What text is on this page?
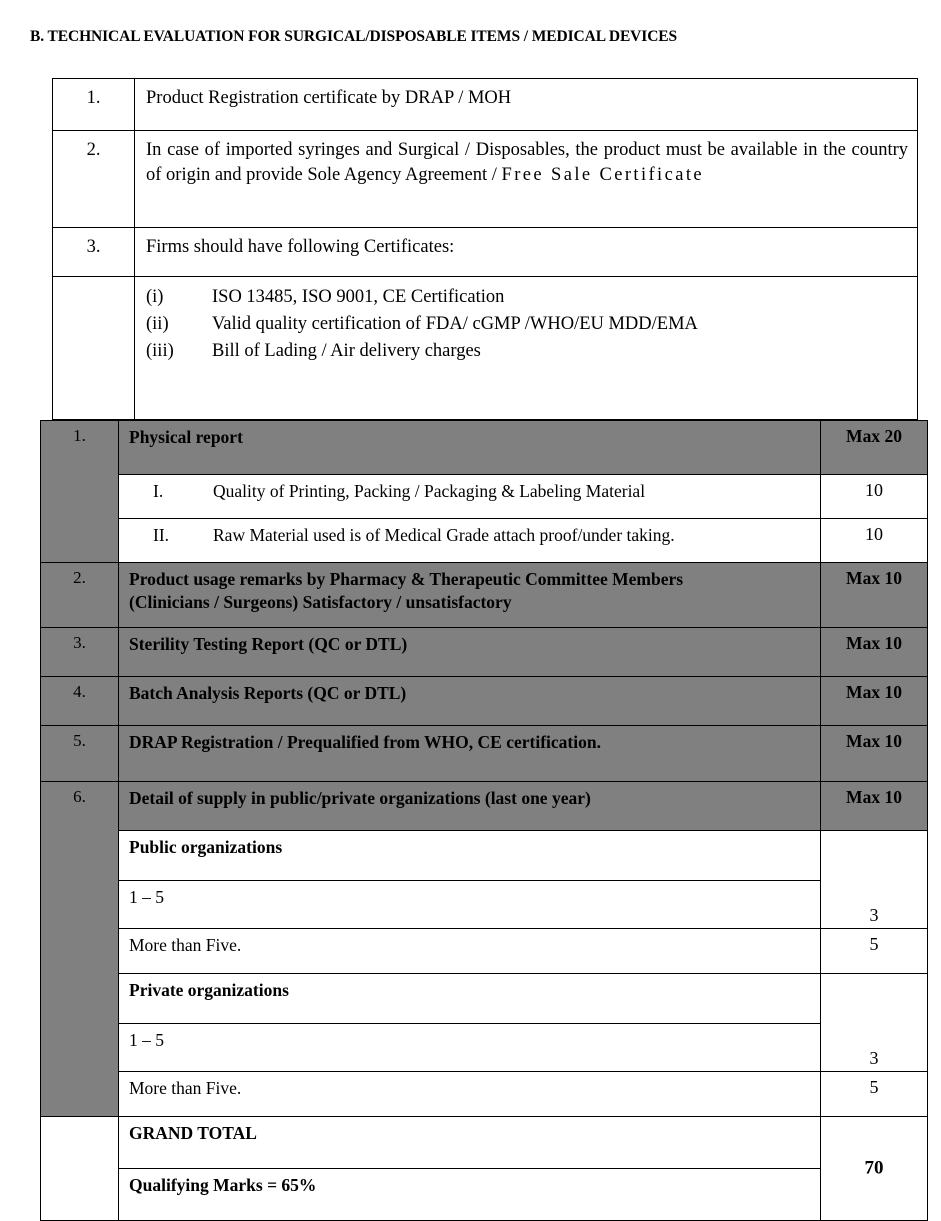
B. TECHNICAL EVALUATION FOR SURGICAL/DISPOSABLE ITEMS / MEDICAL DEVICES
1.	Product Registration certificate by DRAP / MOH
2.	In case of imported syringes and Surgical / Disposables, the product must be available in the country of origin and provide Sole Agency Agreement / Free Sale Certificate

3.	Firms should have following Certificates:

(i)	ISO 13485, ISO 9001, CE Certification
(ii)	Valid quality certification of FDA/ cGMP /WHO/EU MDD/EMA
(iii)	Bill of Lading / Air delivery charges
1.	Physical report	Max 20

	I. Quality of Printing, Packing / Packaging & Labeling Material	10

	II. Raw Material used is of Medical Grade attach proof/under taking.	10
2.	Product usage remarks by Pharmacy & Therapeutic Committee Members
(Clinicians / Surgeons) Satisfactory / unsatisfactory	Max 10
3.	Sterility Testing Report (QC or DTL)	Max 10
4.	Batch Analysis Reports (QC or DTL)	Max 10
5.	DRAP Registration / Prequalified from WHO, CE certification.	Max 10
6.	Detail of supply in public/private organizations (last one year)	Max 10
	Public organizations	3

	1 – 5	
	More than Five.	5
	Private organizations	3

	1 – 5	
	More than Five.	5
	GRAND TOTAL	70

	Qualifying Marks = 65%	
